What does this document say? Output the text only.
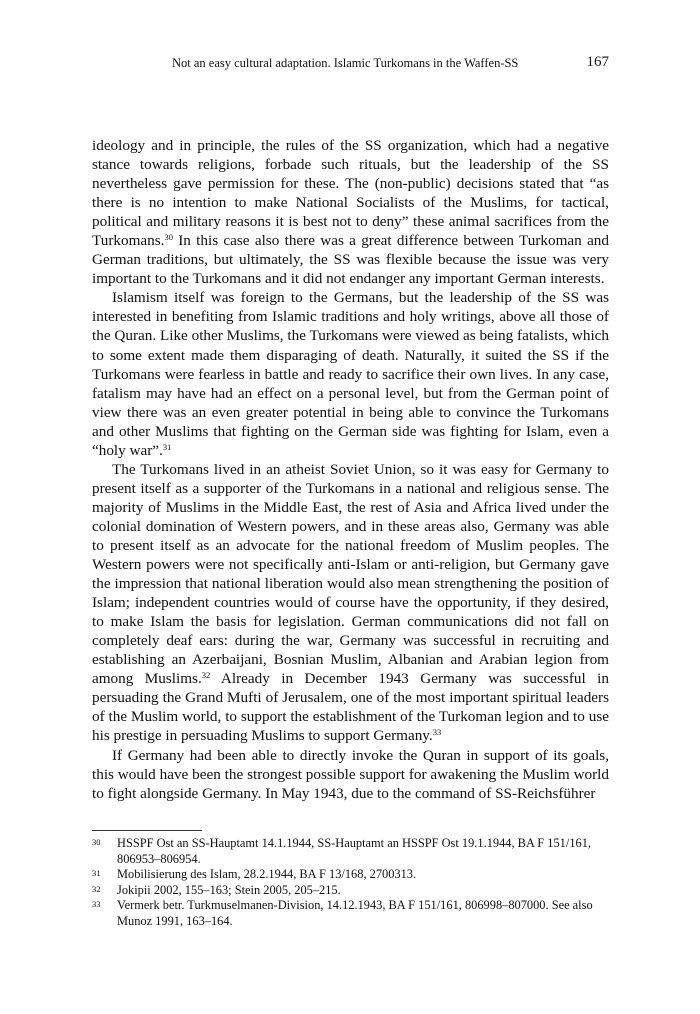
Not an easy cultural adaptation. Islamic Turkomans in the Waffen-SS	167

ideology and in principle, the rules of the SS organization, which had a negative stance towards religions, forbade such rituals, but the leadership of the SS nevertheless gave permission for these. The (non-public) decisions stated that “as there is no intention to make National Socialists of the Muslims, for tactical, political and military reasons it is best not to deny” these animal sacrifices from the Turkomans.$^{30}$ In this case also there was a great difference between Turkoman and German traditions, but ultimately, the SS was flexible because the issue was very important to the Turkomans and it did not endanger any important German interests.

Islamism itself was foreign to the Germans, but the leadership of the SS was interested in benefiting from Islamic traditions and holy writings, above all those of the Quran. Like other Muslims, the Turkomans were viewed as being fatalists, which to some extent made them disparaging of death. Naturally, it suited the SS if the Turkomans were fearless in battle and ready to sacrifice their own lives. In any case, fatalism may have had an effect on a personal level, but from the German point of view there was an even greater potential in being able to convince the Turkomans and other Muslims that fighting on the German side was fighting for Islam, even a “holy war”.$^{31}$

The Turkomans lived in an atheist Soviet Union, so it was easy for Germany to present itself as a supporter of the Turkomans in a national and religious sense. The majority of Muslims in the Middle East, the rest of Asia and Africa lived under the colonial domination of Western powers, and in these areas also, Germany was able to present itself as an advocate for the national freedom of Muslim peoples. The Western powers were not specifically anti-Islam or anti-religion, but Germany gave the impression that national liberation would also mean strengthening the position of Islam; independent countries would of course have the opportunity, if they desired, to make Islam the basis for legislation. German communications did not fall on completely deaf ears: during the war, Germany was successful in recruiting and establishing an Azerbaijani, Bosnian Muslim, Albanian and Arabian legion from among Muslims.$^{32}$ Already in December 1943 Germany was successful in persuading the Grand Mufti of Jerusalem, one of the most important spiritual leaders of the Muslim world, to support the establishment of the Turkoman legion and to use his prestige in persuading Muslims to support Germany.$^{33}$

If Germany had been able to directly invoke the Quran in support of its goals, this would have been the strongest possible support for awakening the Muslim world to fight alongside Germany. In May 1943, due to the command of SS-Reichsführer

30 HSSPF Ost an SS-Hauptamt 14.1.1944, SS-Hauptamt an HSSPF Ost 19.1.1944, BA F 151/161, 806953–806954.
31 Mobilisierung des Islam, 28.2.1944, BA F 13/168, 2700313.
32 Jokipii 2002, 155–163; Stein 2005, 205–215.
33 Vermerk betr. Turkmuselmanen-Division, 14.12.1943, BA F 151/161, 806998–807000. See also Munoz 1991, 163–164.
